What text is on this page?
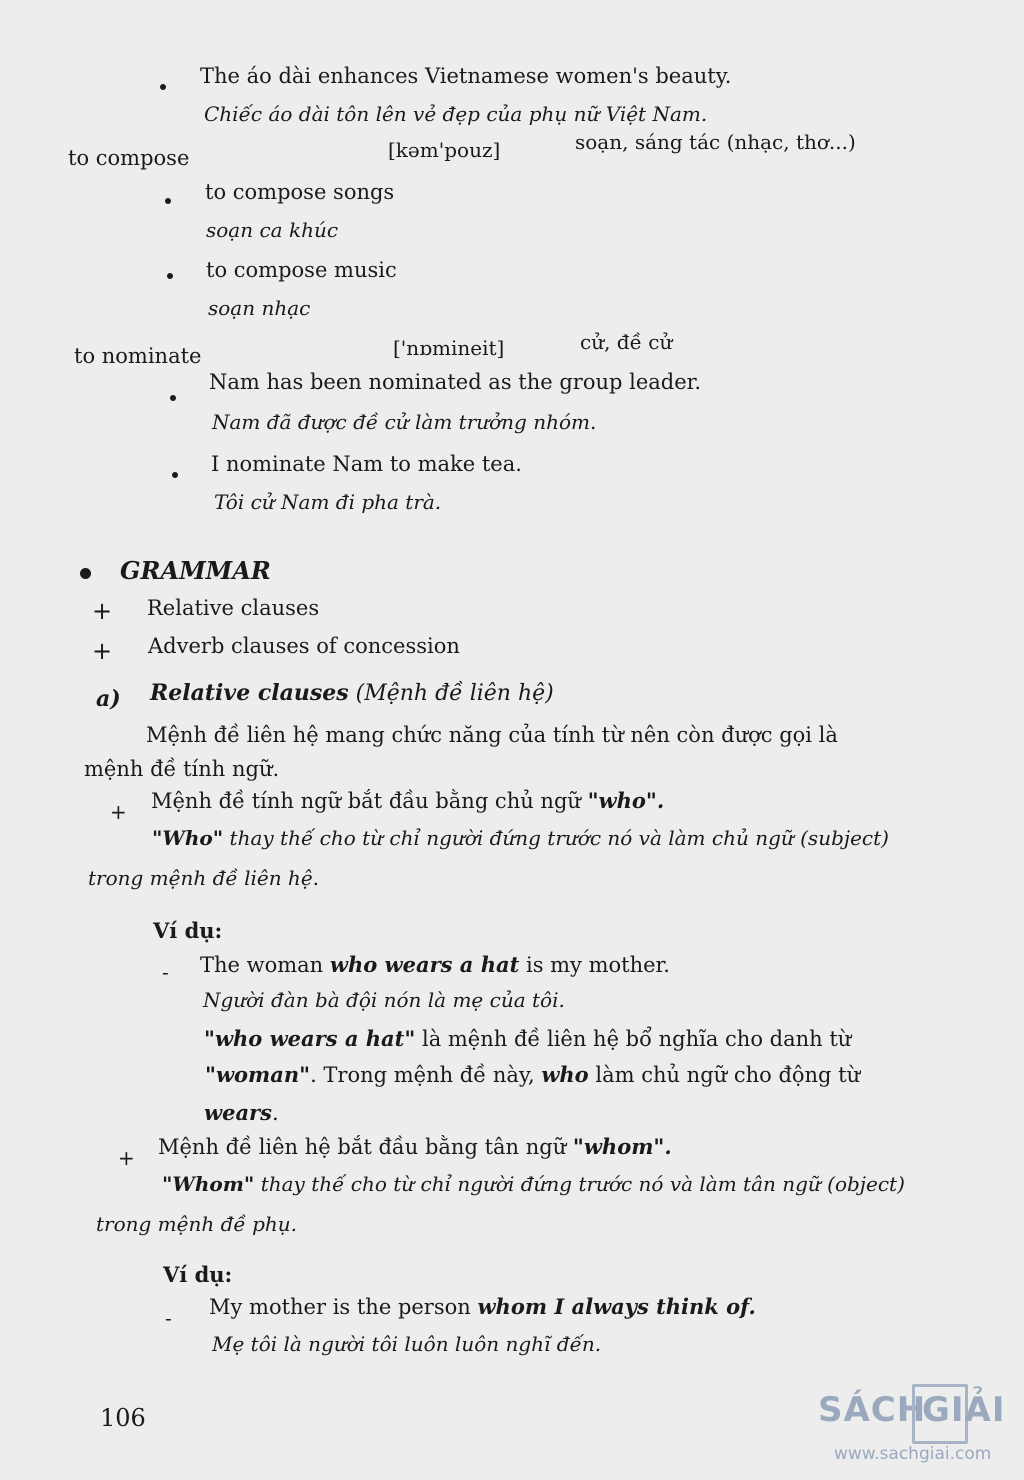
The áo dài enhances Vietnamese women's beauty.
Chiếc áo dài tôn lên vẻ đẹp của phụ nữ Việt Nam.
to compose	[kəm'pouz]	soạn, sáng tác (nhạc, thơ...)
to compose songs
soạn ca khúc
to compose music
soạn nhạc
to nominate	['nɒmineit]	cử, đề cử
Nam has been nominated as the group leader.
Nam đã được đề cử làm trưởng nhóm.
I nominate Nam to make tea.
Tôi cử Nam đi pha trà.
GRAMMAR
+ Relative clauses
+ Adverb clauses of concession
a) Relative clauses (Mệnh đề liên hệ)
Mệnh đề liên hệ mang chức năng của tính từ nên còn được gọi là
mệnh đề tính ngữ.
+ Mệnh đề tính ngữ bắt đầu bằng chủ ngữ "who".
"Who" thay thế cho từ chỉ người đứng trước nó và làm chủ ngữ (subject)
trong mệnh đề liên hệ.
Ví dụ:
- The woman who wears a hat is my mother.
Người đàn bà đội nón là mẹ của tôi.
"who wears a hat" là mệnh đề liên hệ bổ nghĩa cho danh từ
"woman". Trong mệnh đề này, who làm chủ ngữ cho động từ
wears.
+ Mệnh đề liên hệ bắt đầu bằng tân ngữ "whom".
"Whom" thay thế cho từ chỉ người đứng trước nó và làm tân ngữ (object)
trong mệnh đề phụ.
Ví dụ:
- My mother is the person whom I always think of.
Mẹ tôi là người tôi luôn luôn nghĩ đến.
106	SÁCH
GIẢI
www.sachgiai.com
